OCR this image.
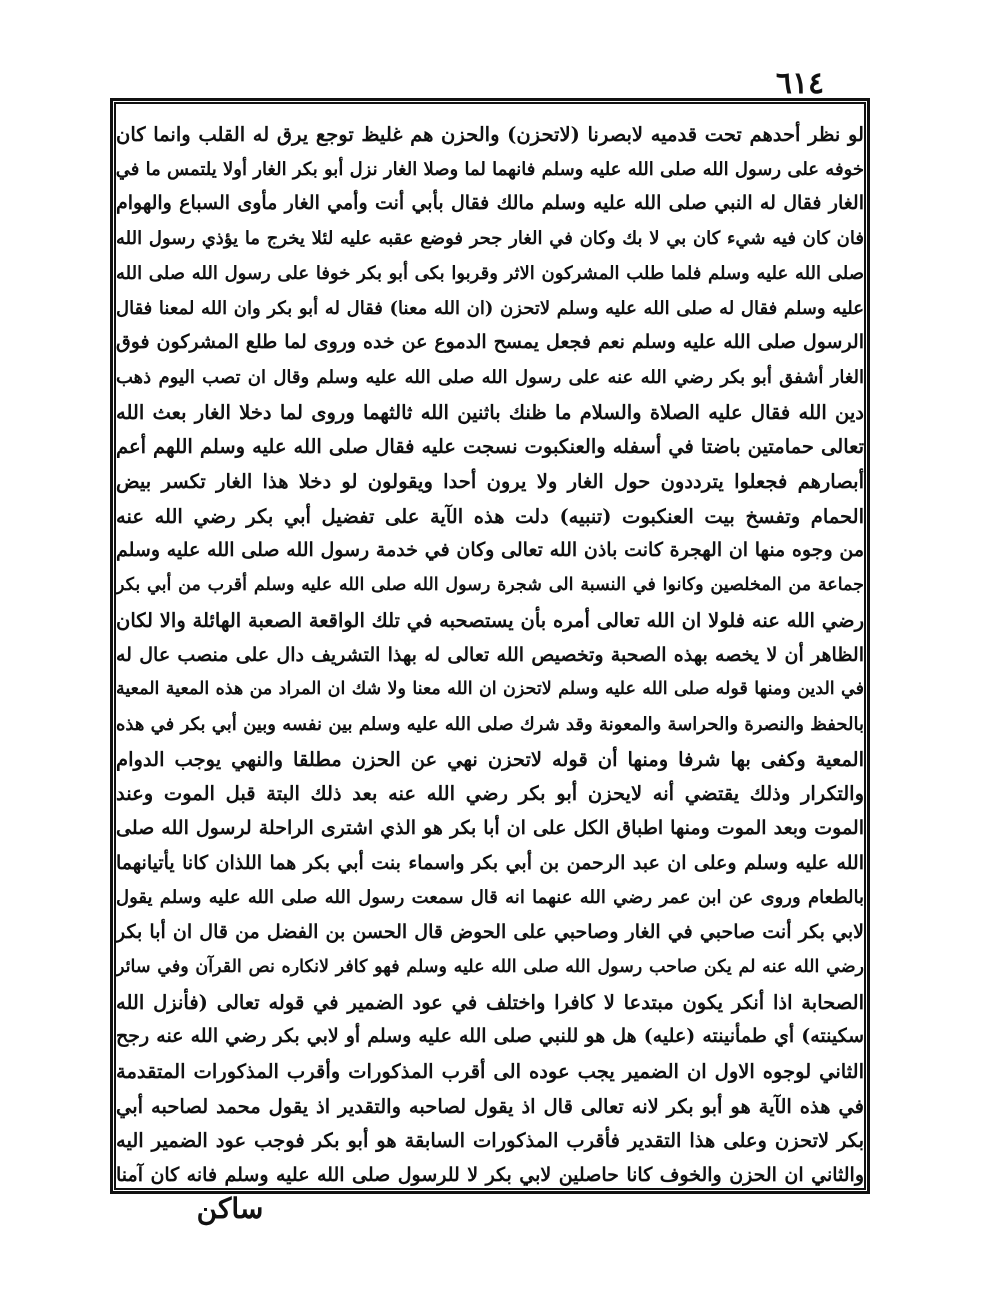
٦١٤
لو نظر أحدهم تحت قدميه لابصرنا (لاتحزن) والحزن هم غليظ توجع يرق له القلب وانما كان
خوفه على رسول الله صلى الله عليه وسلم فانهما لما وصلا الغار نزل أبو بكر الغار أولا يلتمس ما في
الغار فقال له النبي صلى الله عليه وسلم مالك فقال بأبي أنت وأمي الغار مأوى السباع والهوام
فان كان فيه شيء كان بي لا بك وكان في الغار جحر فوضع عقبه عليه لئلا يخرج ما يؤذي رسول الله
صلى الله عليه وسلم فلما طلب المشركون الاثر وقربوا بكى أبو بكر خوفا على رسول الله صلى الله
عليه وسلم فقال له صلى الله عليه وسلم لاتحزن (ان الله معنا) فقال له أبو بكر وان الله لمعنا فقال
الرسول صلى الله عليه وسلم نعم فجعل يمسح الدموع عن خده وروى لما طلع المشركون فوق
الغار أشفق أبو بكر رضي الله عنه على رسول الله صلى الله عليه وسلم وقال ان تصب اليوم ذهب
دين الله فقال عليه الصلاة والسلام ما ظنك باثنين الله ثالثهما وروى لما دخلا الغار بعث الله
تعالى حمامتين باضتا في أسفله والعنكبوت نسجت عليه فقال صلى الله عليه وسلم اللهم أعم
أبصارهم فجعلوا يترددون حول الغار ولا يرون أحدا ويقولون لو دخلا هذا الغار تكسر بيض
الحمام وتفسخ بيت العنكبوت (تنبيه) دلت هذه الآية على تفضيل أبي بكر رضي الله عنه
من وجوه منها ان الهجرة كانت باذن الله تعالى وكان في خدمة رسول الله صلى الله عليه وسلم
جماعة من المخلصين وكانوا في النسبة الى شجرة رسول الله صلى الله عليه وسلم أقرب من أبي بكر
رضي الله عنه فلولا ان الله تعالى أمره بأن يستصحبه في تلك الواقعة الصعبة الهائلة والا لكان
الظاهر أن لا يخصه بهذه الصحبة وتخصيص الله تعالى له بهذا التشريف دال على منصب عال له
في الدين ومنها قوله صلى الله عليه وسلم لاتحزن ان الله معنا ولا شك ان المراد من هذه المعية المعية
بالحفظ والنصرة والحراسة والمعونة وقد شرك صلى الله عليه وسلم بين نفسه وبين أبي بكر في هذه
المعية وكفى بها شرفا ومنها أن قوله لاتحزن نهي عن الحزن مطلقا والنهي يوجب الدوام
والتكرار وذلك يقتضي أنه لايحزن أبو بكر رضي الله عنه بعد ذلك البتة قبل الموت وعند
الموت وبعد الموت ومنها اطباق الكل على ان أبا بكر هو الذي اشترى الراحلة لرسول الله صلى
الله عليه وسلم وعلى ان عبد الرحمن بن أبي بكر واسماء بنت أبي بكر هما اللذان كانا يأتيانهما
بالطعام وروى عن ابن عمر رضي الله عنهما انه قال سمعت رسول الله صلى الله عليه وسلم يقول
لابي بكر أنت صاحبي في الغار وصاحبي على الحوض قال الحسن بن الفضل من قال ان أبا بكر
رضي الله عنه لم يكن صاحب رسول الله صلى الله عليه وسلم فهو كافر لانكاره نص القرآن وفي سائر
الصحابة اذا أنكر يكون مبتدعا لا كافرا واختلف في عود الضمير في قوله تعالى (فأنزل الله
سكينته) أي طمأنينته (عليه) هل هو للنبي صلى الله عليه وسلم أو لابي بكر رضي الله عنه رجح
الثاني لوجوه الاول ان الضمير يجب عوده الى أقرب المذكورات وأقرب المذكورات المتقدمة
في هذه الآية هو أبو بكر لانه تعالى قال اذ يقول لصاحبه والتقدير اذ يقول محمد لصاحبه أبي
بكر لاتحزن وعلى هذا التقدير فأقرب المذكورات السابقة هو أبو بكر فوجب عود الضمير اليه
والثاني ان الحزن والخوف كانا حاصلين لابي بكر لا للرسول صلى الله عليه وسلم فانه كان آمنا
ساكن
